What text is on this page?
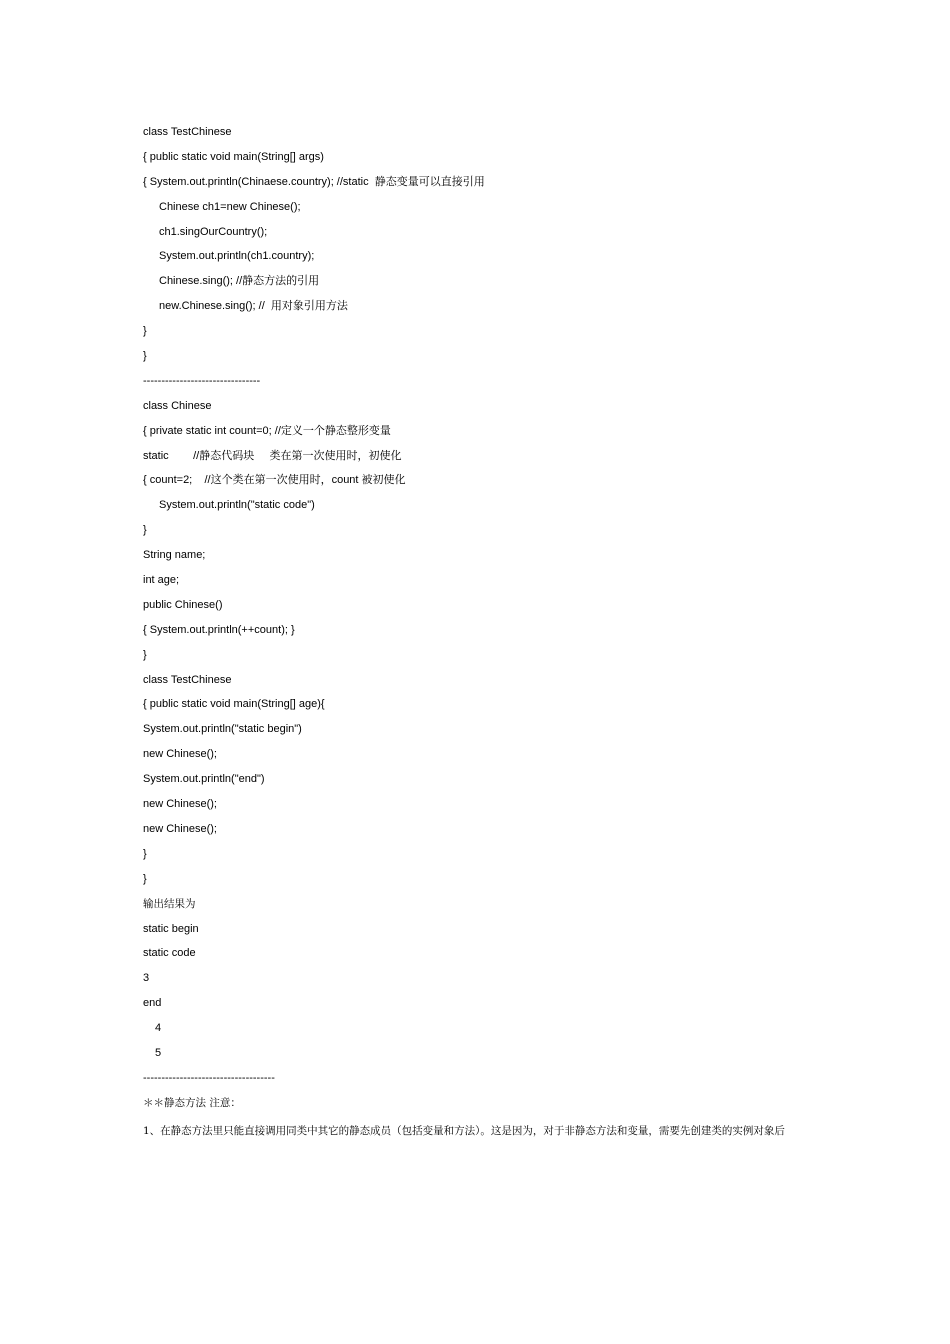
class TestChinese
{ public static void main(String[] args)
{ System.out.println(Chinaese.country); //static  静态变量可以直接引用
Chinese ch1=new Chinese();
ch1.singOurCountry();
System.out.println(ch1.country);
Chinese.sing(); //静态方法的引用
new.Chinese.sing(); //  用对象引用方法
}
}
--------------------------------
class Chinese
{ private static int count=0; //定义一个静态整形变量
static        //静态代码块     类在第一次使用时，初使化
{ count=2;    //这个类在第一次使用时，count 被初使化
System.out.println("static code")
}
String name;
int age;
public Chinese()
{ System.out.println(++count); }
}
class TestChinese
{ public static void main(String[] age){
System.out.println("static begin")
new Chinese();
System.out.println("end")
new Chinese();
new Chinese();
}
}
输出结果为
static begin
static code
3
end
4
5
------------------------------------
＊＊静态方法 注意：
1、在静态方法里只能直接调用同类中其它的静态成员（包括变量和方法）。这是因为，对于非静态方法和变量，需要先创建类的实例对象后
